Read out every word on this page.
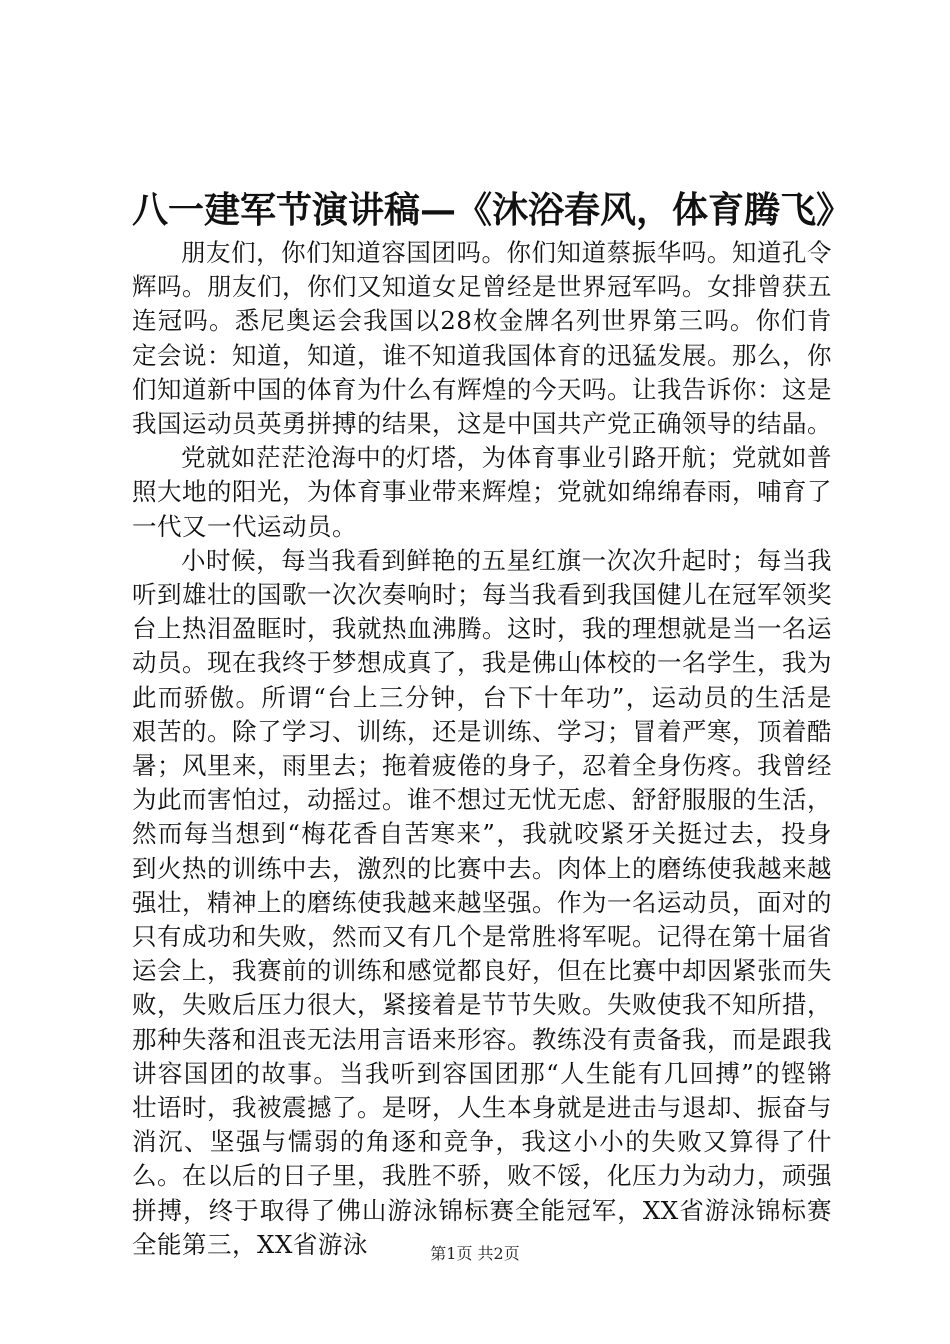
八一建军节演讲稿—《沐浴春风，体育腾飞》

朋友们，你们知道容国团吗。你们知道蔡振华吗。知道孔令辉吗。朋友们，你们又知道女足曾经是世界冠军吗。女排曾获五连冠吗。悉尼奥运会我国以28枚金牌名列世界第三吗。你们肯定会说：知道，知道，谁不知道我国体育的迅猛发展。那么，你们知道新中国的体育为什么有辉煌的今天吗。让我告诉你：这是我国运动员英勇拼搏的结果，这是中国共产党正确领导的结晶。

党就如茫茫沧海中的灯塔，为体育事业引路开航；党就如普照大地的阳光，为体育事业带来辉煌；党就如绵绵春雨，哺育了一代又一代运动员。

小时候，每当我看到鲜艳的五星红旗一次次升起时；每当我听到雄壮的国歌一次次奏响时；每当我看到我国健儿在冠军领奖台上热泪盈眶时，我就热血沸腾。这时，我的理想就是当一名运动员。现在我终于梦想成真了，我是佛山体校的一名学生，我为此而骄傲。所谓“台上三分钟，台下十年功”，运动员的生活是艰苦的。除了学习、训练，还是训练、学习；冒着严寒，顶着酷暑；风里来，雨里去；拖着疲倦的身子，忍着全身伤疼。我曾经为此而害怕过，动摇过。谁不想过无忧无虑、舒舒服服的生活，然而每当想到“梅花香自苦寒来”，我就咬紧牙关挺过去，投身到火热的训练中去，激烈的比赛中去。肉体上的磨练使我越来越强壮，精神上的磨练使我越来越坚强。作为一名运动员，面对的只有成功和失败，然而又有几个是常胜将军呢。记得在第十届省运会上，我赛前的训练和感觉都良好，但在比赛中却因紧张而失败，失败后压力很大，紧接着是节节失败。失败使我不知所措，那种失落和沮丧无法用言语来形容。教练没有责备我，而是跟我讲容国团的故事。当我听到容国团那“人生能有几回搏”的铿锵壮语时，我被震撼了。是呀，人生本身就是进击与退却、振奋与消沉、坚强与懦弱的角逐和竞争，我这小小的失败又算得了什么。在以后的日子里，我胜不骄，败不馁，化压力为动力，顽强拼搏，终于取得了佛山游泳锦标赛全能冠军，XX省游泳锦标赛全能第三，XX省游泳	第1页 共2页
